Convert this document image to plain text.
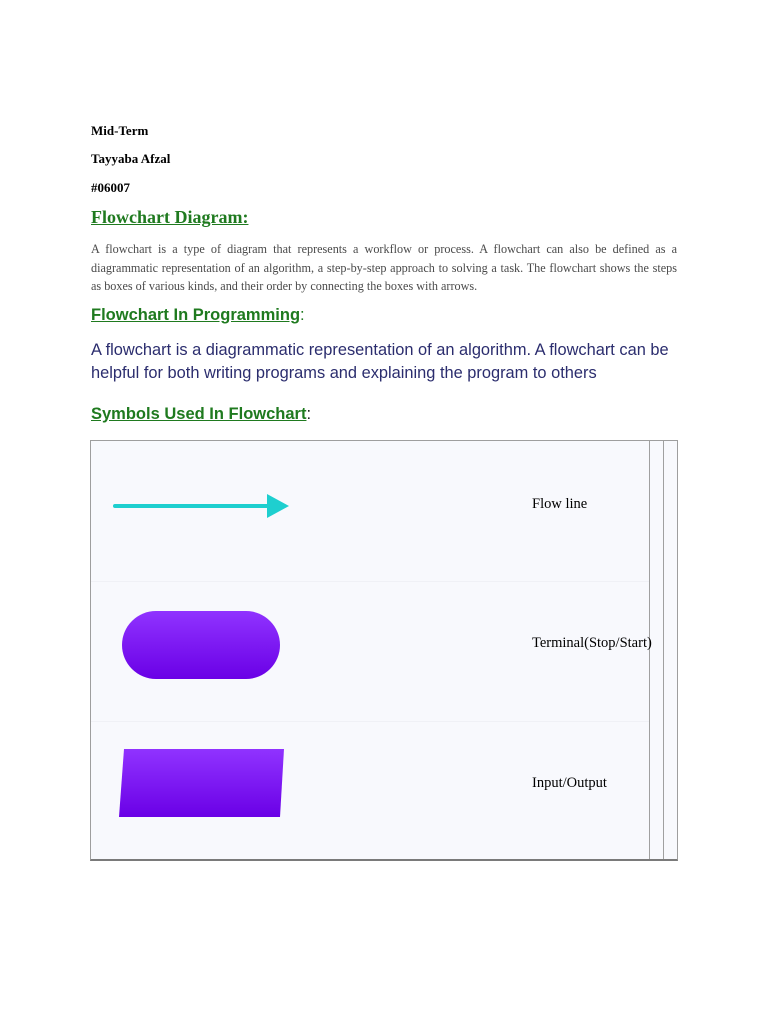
Mid-Term
Tayyaba Afzal
#06007
Flowchart Diagram:

A flowchart is a type of diagram that represents a workflow or process. A flowchart can also be defined as a diagrammatic representation of an algorithm, a step-by-step approach to solving a task. The flowchart shows the steps as boxes of various kinds, and their order by connecting the boxes with arrows.

Flowchart In Programming:

A flowchart is a diagrammatic representation of an algorithm. A flowchart can be helpful for both writing programs and explaining the program to others

Symbols Used In Flowchart:
Flow line
Terminal(Stop/Start)
Input/Output
